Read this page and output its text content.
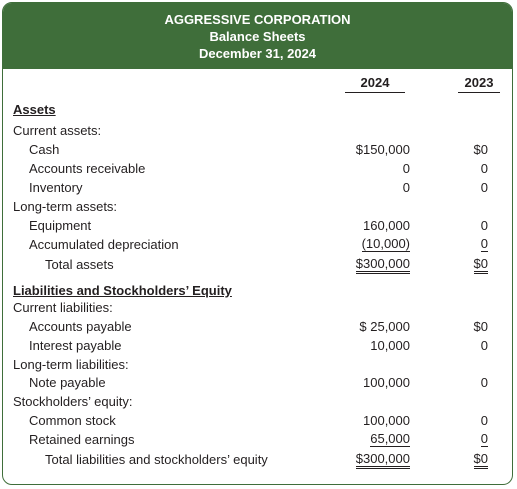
AGGRESSIVE CORPORATION
Balance Sheets
December 31, 2024
2024	2023
Assets
Current assets:
Cash	$150,000	$0
Accounts receivable	0	0
Inventory	0	0
Long-term assets:
Equipment	160,000	0
Accumulated depreciation	(10,000)	0
Total assets	$300,000	$0
Liabilities and Stockholders’ Equity
Current liabilities:
Accounts payable	$ 25,000	$0
Interest payable	10,000	0
Long-term liabilities:
Note payable	100,000	0
Stockholders’ equity:
Common stock	100,000	0
Retained earnings	65,000	0
Total liabilities and stockholders’ equity	$300,000	$0
